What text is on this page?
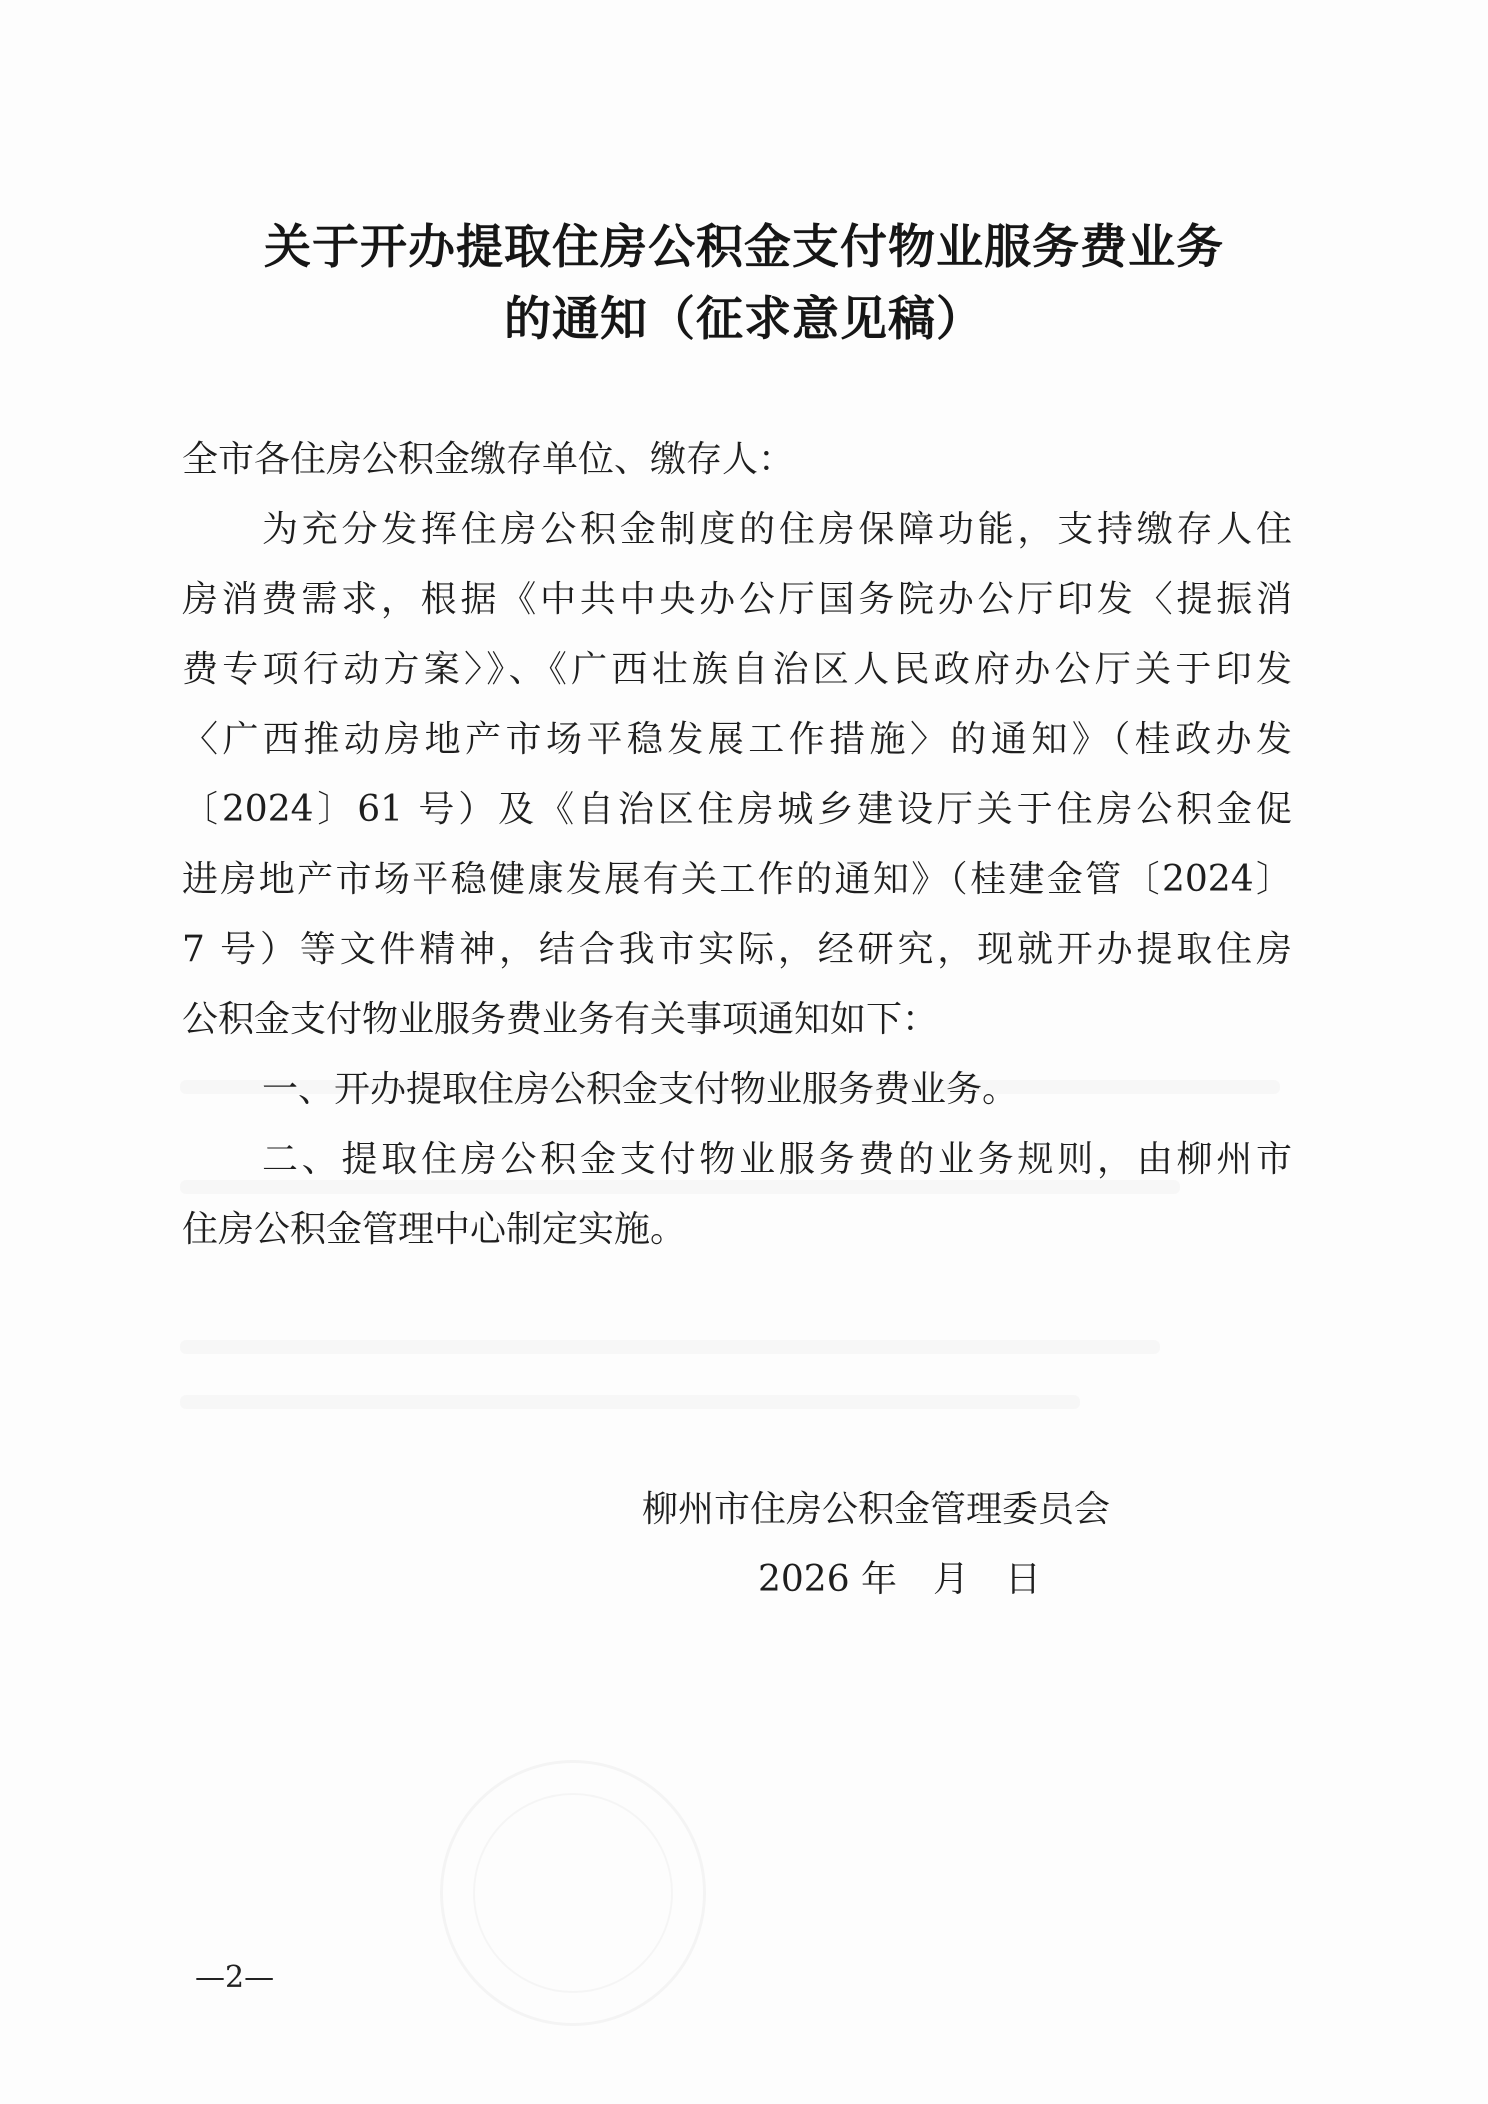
关于开办提取住房公积金支付物业服务费业务
的通知（征求意见稿）

全市各住房公积金缴存单位、缴存人：

为充分发挥住房公积金制度的住房保障功能，支持缴存人住

房消费需求，根据《中共中央办公厅国务院办公厅印发〈提振消

费专项行动方案〉》、《广西壮族自治区人民政府办公厅关于印发

〈广西推动房地产市场平稳发展工作措施〉的通知》（桂政办发

〔2024〕61 号）及《自治区住房城乡建设厅关于住房公积金促

进房地产市场平稳健康发展有关工作的通知》（桂建金管〔2024〕

7 号）等文件精神，结合我市实际，经研究，现就开办提取住房

公积金支付物业服务费业务有关事项通知如下：

一、开办提取住房公积金支付物业服务费业务。

二、提取住房公积金支付物业服务费的业务规则，由柳州市

住房公积金管理中心制定实施。

柳州市住房公积金管理委员会

2026 年　月　日

—2—
